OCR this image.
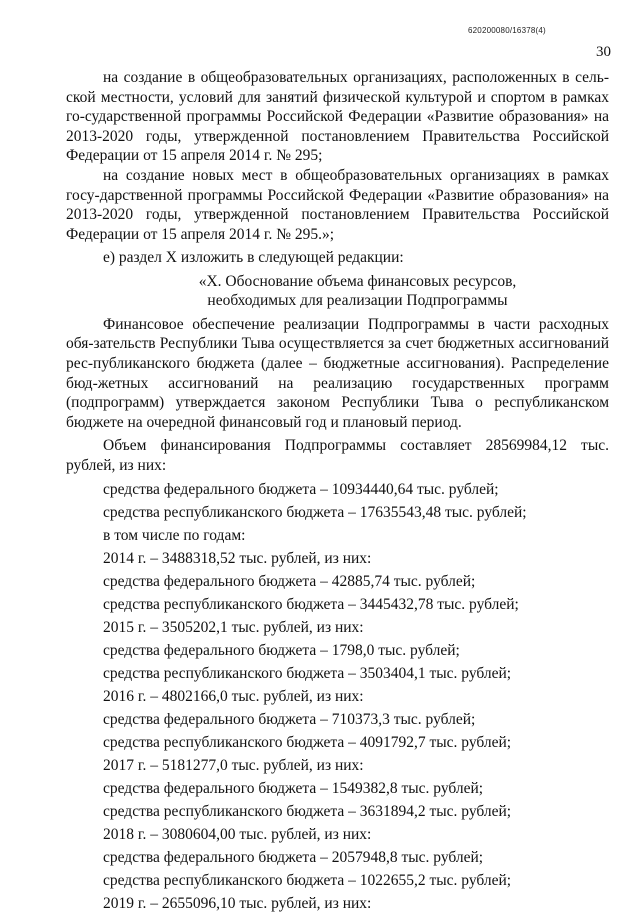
620200080/16378(4)
30

на создание в общеобразовательных организациях, расположенных в сель-ской местности, условий для занятий физической культурой и спортом в рамках го-сударственной программы Российской Федерации «Развитие образования» на 2013-2020 годы, утвержденной постановлением Правительства Российской Федерации от 15 апреля 2014 г. № 295;

на создание новых мест в общеобразовательных организациях в рамках госу-дарственной программы Российской Федерации «Развитие образования» на 2013-2020 годы, утвержденной постановлением Правительства Российской Федерации от 15 апреля 2014 г. № 295.»;

е) раздел X изложить в следующей редакции:

«X. Обоснование объема финансовых ресурсов,
необходимых для реализации Подпрограммы

Финансовое обеспечение реализации Подпрограммы в части расходных обя-зательств Республики Тыва осуществляется за счет бюджетных ассигнований рес-публиканского бюджета (далее – бюджетные ассигнования). Распределение бюд-жетных ассигнований на реализацию государственных программ (подпрограмм) утверждается законом Республики Тыва о республиканском бюджете на очередной финансовый год и плановый период.

Объем финансирования Подпрограммы составляет 28569984,12 тыс. рублей, из них:

средства федерального бюджета – 10934440,64 тыс. рублей;

средства республиканского бюджета – 17635543,48 тыс. рублей;

в том числе по годам:

2014 г. – 3488318,52 тыс. рублей, из них:

средства федерального бюджета – 42885,74 тыс. рублей;

средства республиканского бюджета – 3445432,78 тыс. рублей;

2015 г. – 3505202,1 тыс. рублей, из них:

средства федерального бюджета – 1798,0 тыс. рублей;

средства республиканского бюджета – 3503404,1 тыс. рублей;

2016 г. – 4802166,0 тыс. рублей, из них:

средства федерального бюджета – 710373,3 тыс. рублей;

средства республиканского бюджета – 4091792,7 тыс. рублей;

2017 г. – 5181277,0 тыс. рублей, из них:

средства федерального бюджета – 1549382,8 тыс. рублей;

средства республиканского бюджета – 3631894,2 тыс. рублей;

2018 г. – 3080604,00 тыс. рублей, из них:

средства федерального бюджета – 2057948,8 тыс. рублей;

средства республиканского бюджета – 1022655,2 тыс. рублей;

2019 г. – 2655096,10 тыс. рублей, из них:
